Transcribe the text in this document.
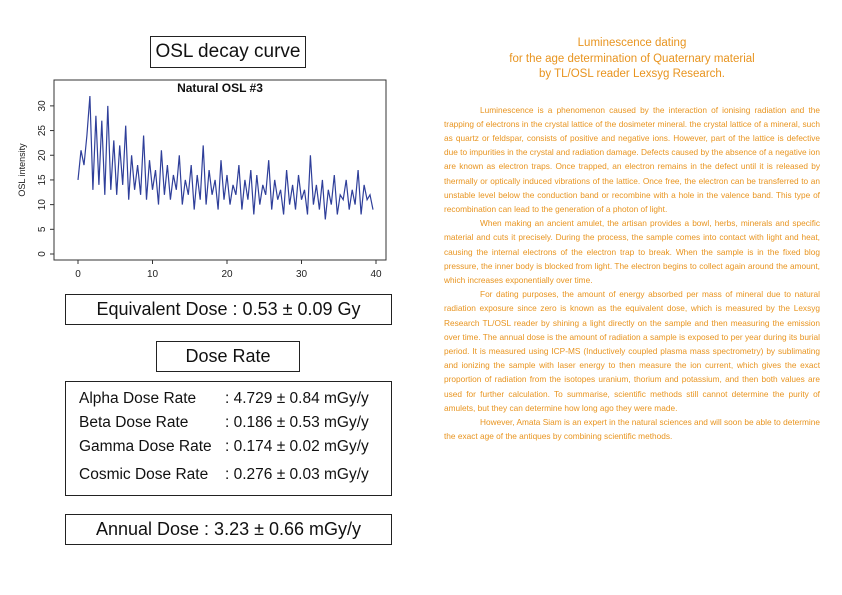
OSL decay curve
Natural OSL #3
OSL intensity
0
5
10
15
20
25
30
0	10	20	30	40
Equivalent Dose : 0.53 ± 0.09 Gy
Dose Rate
Alpha Dose Rate : 4.729 ± 0.84 mGy/y
Beta Dose Rate : 0.186 ± 0.53 mGy/y
Gamma Dose Rate : 0.174 ± 0.02 mGy/y
Cosmic Dose Rate : 0.276 ± 0.03 mGy/y
Annual Dose : 3.23 ± 0.66 mGy/y
Luminescence dating
for the age determination of Quaternary material
by TL/OSL reader Lexsyg Research.

Luminescence is a phenomenon caused by the interaction of ionising radiation and the trapping of electrons in the crystal lattice of the dosimeter mineral. the crystal lattice of a mineral, such as quartz or feldspar, consists of positive and negative ions. However, part of the lattice is defective due to impurities in the crystal and radiation damage. Defects caused by the absence of a negative ion are known as electron traps. Once trapped, an electron remains in the defect until it is released by thermally or optically induced vibrations of the lattice. Once free, the electron can be transferred to an unstable level below the conduction band or recombine with a hole in the valence band. This type of recombination can lead to the generation of a photon of light.

When making an ancient amulet, the artisan provides a bowl, herbs, minerals and specific material and cuts it precisely. During the process, the sample comes into contact with light and heat, causing the internal electrons of the electron trap to break. When the sample is in the fixed blog pressure, the inner body is blocked from light. The electron begins to collect again around the amount, which increases exponentially over time.

For dating purposes, the amount of energy absorbed per mass of mineral due to natural radiation exposure since zero is known as the equivalent dose, which is measured by the Lexsyg Research TL/OSL reader by shining a light directly on the sample and then measuring the emission over time. The annual dose is the amount of radiation a sample is exposed to per year during its burial period. It is measured using ICP-MS (Inductively coupled plasma mass spectrometry) by sublimating and ionizing the sample with laser energy to then measure the ion current, which gives the exact proportion of radiation from the isotopes uranium, thorium and potassium, and then both values are used for further calculation. To summarise, scientific methods still cannot determine the purity of amulets, but they can determine how long ago they were made.

However, Amata Siam is an expert in the natural sciences and will soon be able to determine the exact age of the antiques by combining scientific methods.
